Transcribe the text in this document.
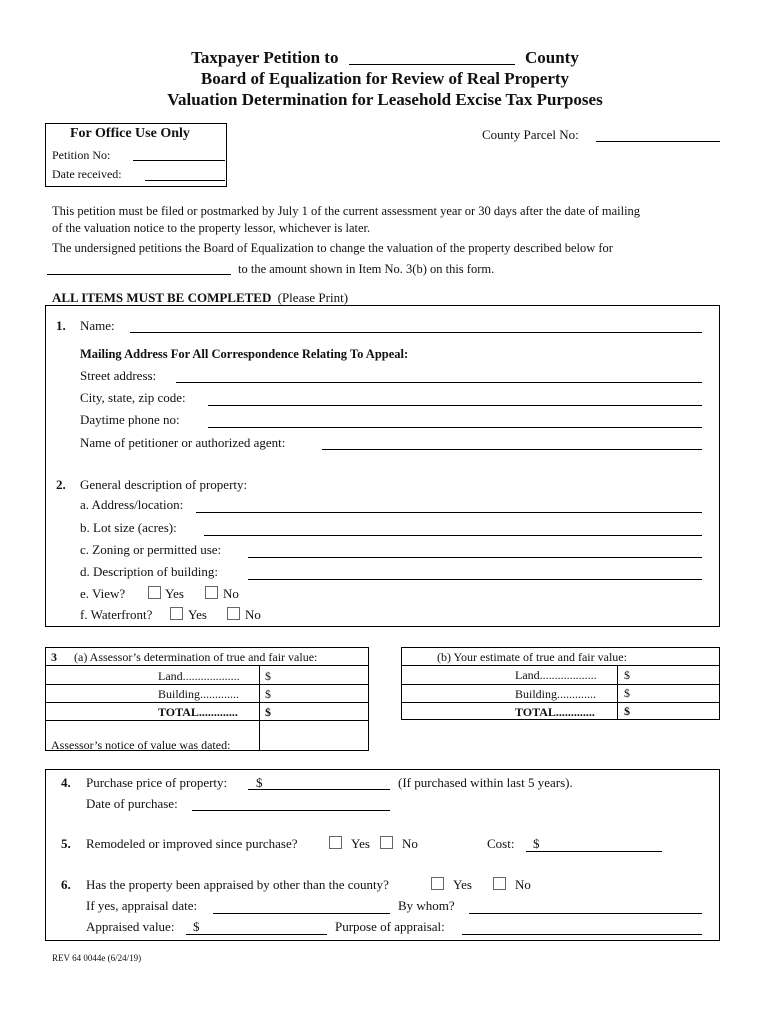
Taxpayer Petition to	County
Board of Equalization for Review of Real Property
Valuation Determination for Leasehold Excise Tax Purposes
For Office Use Only
Petition No:
Date received:
County Parcel No:
This petition must be filed or postmarked by July 1 of the current assessment year or 30 days after the date of mailing
of the valuation notice to the property lessor, whichever is later.
The undersigned petitions the Board of Equalization to change the valuation of the property described below for
to the amount shown in Item No. 3(b) on this form.
ALL ITEMS MUST BE COMPLETED (Please Print)
1. Name:
Mailing Address For All Correspondence Relating To Appeal:
Street address:
City, state, zip code:
Daytime phone no:
Name of petitioner or authorized agent:
2. General description of property:
a. Address/location:
b. Lot size (acres):
c. Zoning or permitted use:
d. Description of building:
e. View?	Yes	No
f. Waterfront?	Yes	No
3 (a) Assessor’s determination of true and fair value:
Land................... $
Building............. $
TOTAL............. $
Assessor’s notice of value was dated:
(b) Your estimate of true and fair value:
Land................... $
Building............. $
TOTAL............. $
4. Purchase price of property: $	(If purchased within last 5 years).
Date of purchase:
5. Remodeled or improved since purchase?	Yes No	Cost: $
6. Has the property been appraised by other than the county?	Yes	No
If yes, appraisal date:	By whom?
Appraised value: $	Purpose of appraisal:
REV 64 0044e (6/24/19)
